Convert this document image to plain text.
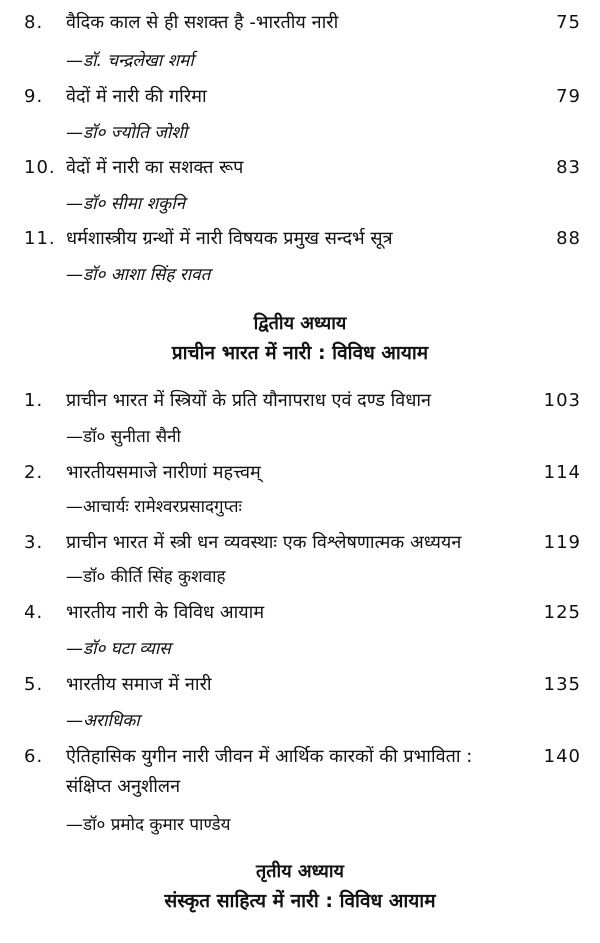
8. वैदिक काल से ही सशक्त है -भारतीय नारी	75
—डॉ. चन्द्रलेखा शर्मा
9. वेदों में नारी की गरिमा	79
—डॉ० ज्योति जोशी
10. वेदों में नारी का सशक्त रूप	83
—डॉ० सीमा शकुनि
11. धर्मशास्त्रीय ग्रन्थों में नारी विषयक प्रमुख सन्दर्भ सूत्र	88
—डॉ० आशा सिंह रावत
द्वितीय अध्याय
प्राचीन भारत में नारी : विविध आयाम
1. प्राचीन भारत में स्त्रियों के प्रति यौनापराध एवं दण्ड विधान	103
—डॉ० सुनीता सैनी
2. भारतीयसमाजे नारीणां महत्त्वम्	114
—आचार्यः रामेश्वरप्रसादगुप्तः
3. प्राचीन भारत में स्त्री धन व्यवस्थाः एक विश्लेषणात्मक अध्ययन	119
—डॉ० कीर्ति सिंह कुशवाह
4. भारतीय नारी के विविध आयाम	125
—डॉ० घटा व्यास
5. भारतीय समाज में नारी	135
—अराधिका
6. ऐतिहासिक युगीन नारी जीवन में आर्थिक कारकों की प्रभाविता :	140
संक्षिप्त अनुशीलन
—डॉ० प्रमोद कुमार पाण्डेय
तृतीय अध्याय
संस्कृत साहित्य में नारी : विविध आयाम
